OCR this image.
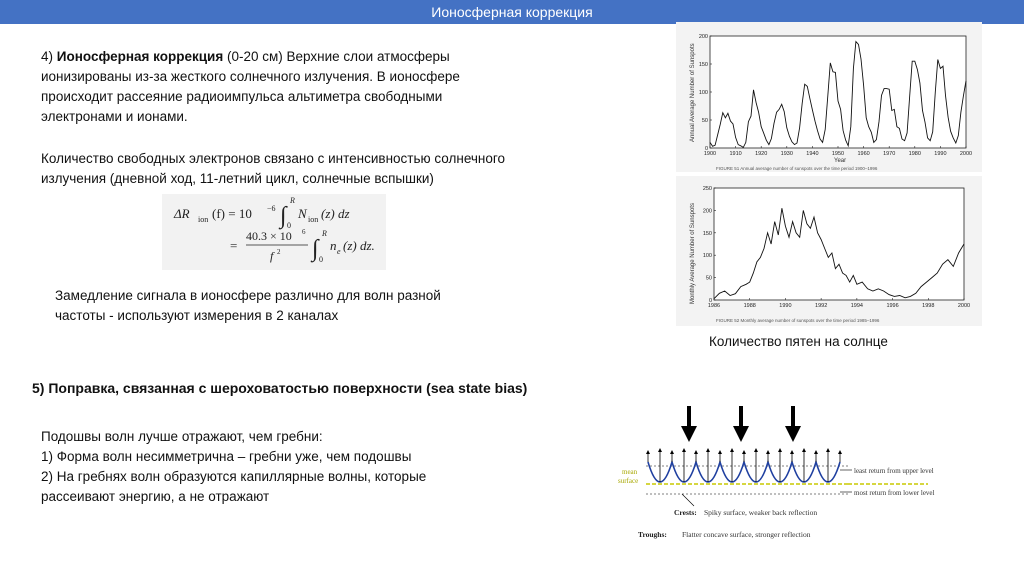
Ионосферная коррекция
4) Ионосферная коррекция (0-20 см) Верхние слои атмосферы
ионизированы из-за жесткого солнечного излучения. В ионосфере
происходит рассеяние радиоимпульса альтиметра свободными
электронами и ионами.
Количество свободных электронов связано с интенсивностью солнечного
излучения (дневной ход, 11-летний цикл, солнечные вспышки)
ΔR ion (f) = 10 −6 ∫
R
0
N ion (z) dz
=
40.3 × 10 6
f 2 ∫
R
0
n e (z) dz.
Замедление сигнала в ионосфере различно для волн разной
частоты - используют измерения в 2 каналах
Annual Average Number of Sunspots
Year
FIGURE 51 Annual average number of sunspots over the time period 1900–1996
1900 1910 1920 1930 1940 1950 1960 1970 1980 1990 2000
0
50
100
150
200
Monthly Average Number of Sunspots
FIGURE 52 Monthly average number of sunspots over the time period 1985–1996
1986	1988	1990	1992	1994	1996	1998	2000
0
50
100
150
200
250
Количество пятен на солнце
5) Поправка, связанная с шероховатостью поверхности (sea state bias)
Подошвы волн лучше отражают, чем гребни:
1) Форма волн несимметрична – гребни уже, чем подошвы
2) На гребнях волн образуются капиллярные волны, которые
рассеивают энергию, а не отражают
mean
surface
least return from upper level
most return from lower level
Crests: Spiky surface, weaker back reflection
Troughs: Flatter concave surface, stronger reflection
